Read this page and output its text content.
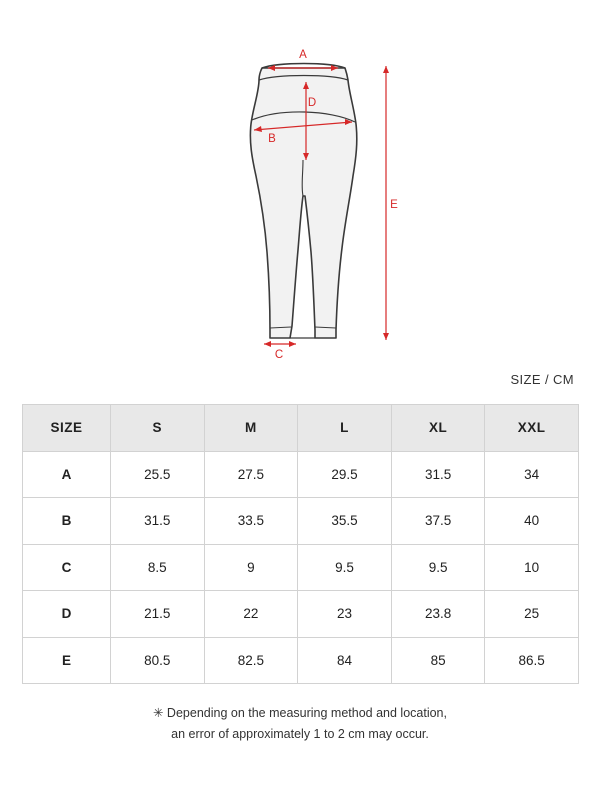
A
B
C
D
E
SIZE / CM
SIZE	S	M	L	XL	XXL
A	25.5	27.5	29.5	31.5	34
B	31.5	33.5	35.5	37.5	40
C	8.5	9	9.5	9.5	10
D	21.5	22	23	23.8	25
E	80.5	82.5	84	85	86.5
✳ Depending on the measuring method and location,
an error of approximately 1 to 2 cm may occur.
